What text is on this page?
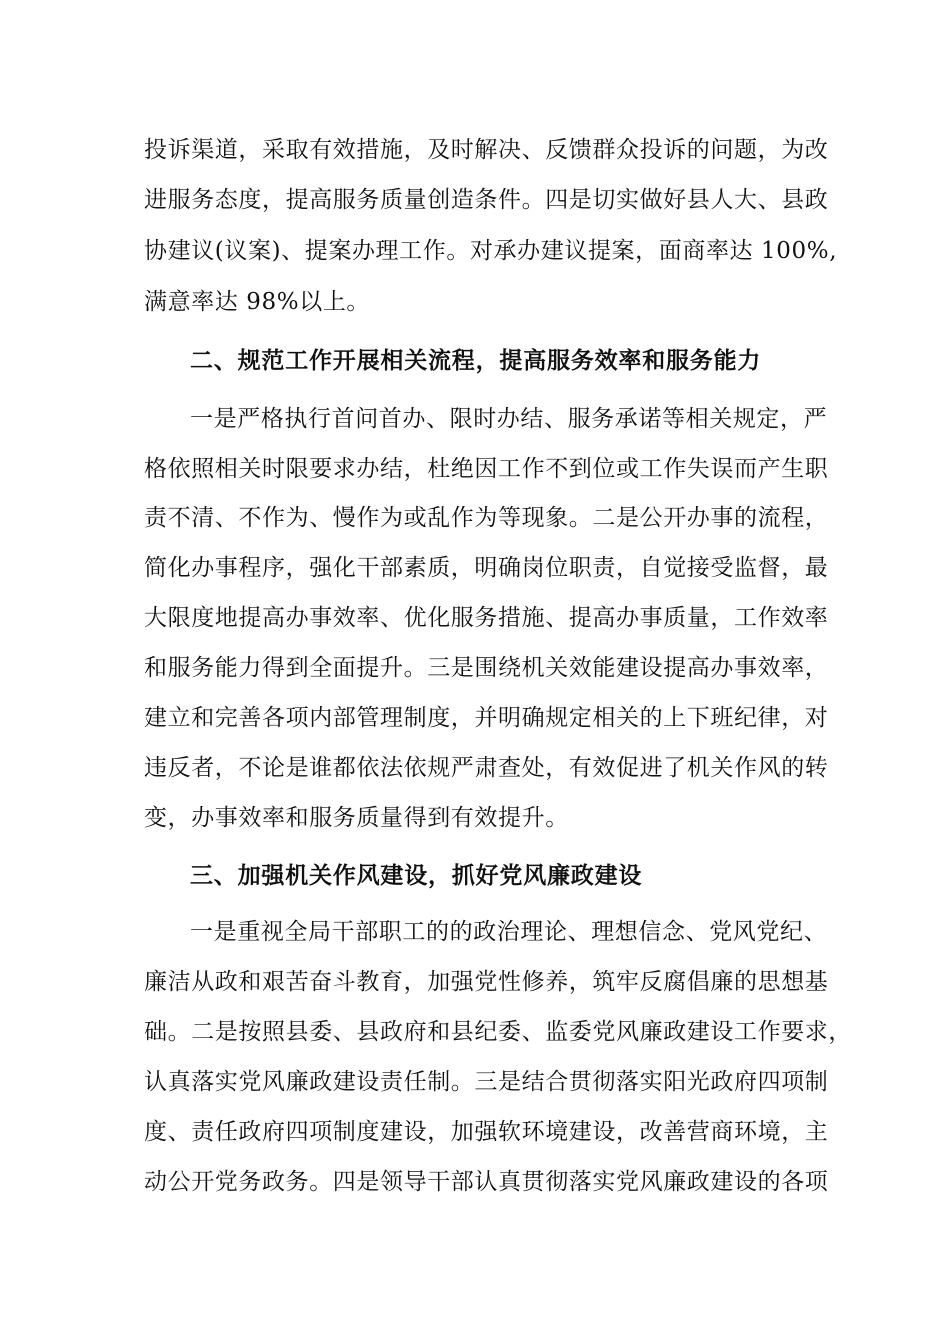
投诉渠道，采取有效措施，及时解决、反馈群众投诉的问题，为改
进服务态度，提高服务质量创造条件。四是切实做好县人大、县政
协建议(议案)、提案办理工作。对承办建议提案，面商率达 100%,
满意率达 98%以上。
二、规范工作开展相关流程，提高服务效率和服务能力
一是严格执行首问首办、限时办结、服务承诺等相关规定，严
格依照相关时限要求办结，杜绝因工作不到位或工作失误而产生职
责不清、不作为、慢作为或乱作为等现象。二是公开办事的流程，
简化办事程序，强化干部素质，明确岗位职责，自觉接受监督，最
大限度地提高办事效率、优化服务措施、提高办事质量，工作效率
和服务能力得到全面提升。三是围绕机关效能建设提高办事效率，
建立和完善各项内部管理制度，并明确规定相关的上下班纪律，对
违反者，不论是谁都依法依规严肃查处，有效促进了机关作风的转
变，办事效率和服务质量得到有效提升。
三、加强机关作风建设，抓好党风廉政建设
一是重视全局干部职工的的政治理论、理想信念、党风党纪、
廉洁从政和艰苦奋斗教育，加强党性修养，筑牢反腐倡廉的思想基
础。二是按照县委、县政府和县纪委、监委党风廉政建设工作要求，
认真落实党风廉政建设责任制。三是结合贯彻落实阳光政府四项制
度、责任政府四项制度建设，加强软环境建设，改善营商环境，主
动公开党务政务。四是领导干部认真贯彻落实党风廉政建设的各项
